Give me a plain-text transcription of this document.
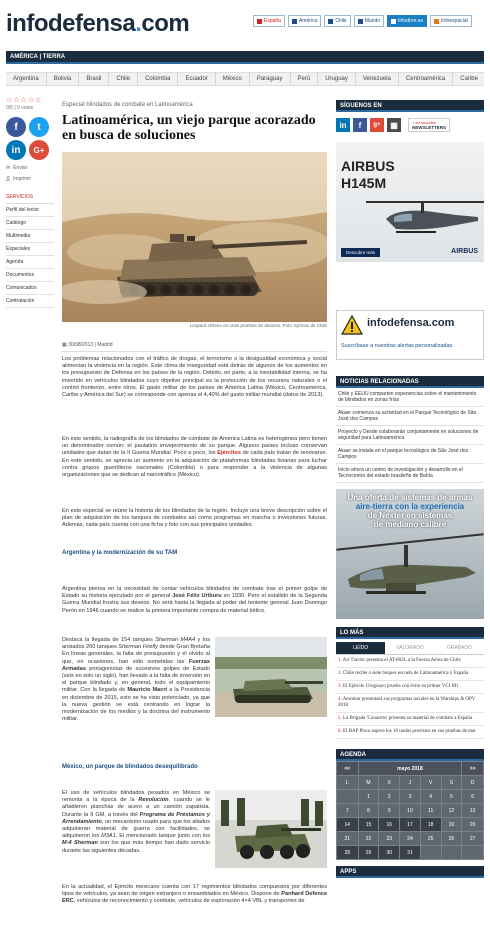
infodefensa.com	España	América	Chile	Mundo	Infodron.es	Infoespacial
AMÉRICA | TIERRA
Argentina	Bolivia	Brasil	Chile	Colombia	Ecuador	México	Paraguay	Perú	Uruguay	Venezuela	Centroamérica	Caribe
☆☆☆☆☆
0/5 | 0 votos
f	t
in	G+
✉ Enviar
⎙ Imprimir
SERVICIOS
Perfil del lector
Catálogo
Multimedia
Especiales
Agenda
Documentos
Comunicados
Contratación
Especial blindados de combate en Latinoamérica
Latinoamérica, un viejo parque acorazado en busca de soluciones
Leopard chileno en unas pruebas de desierto. Foto: Ejército de Chile
▦ 30/08/2013 | Madrid

Los problemas relacionados con el tráfico de drogas, el terrorismo o la desigualdad económica y social alimentan la violencia en la región. Este clima de inseguridad está detrás de algunos de los aumentos en los presupuesto de Defensa en los países de la región. Debido, en parte, a la inestabilidad interna, se ha invertido en vehículos blindados cuyo objetivo principal es la protección de los recursos naturales o el control fronterizo, entre otros. El gasto militar de los países de América Latina (México, Centroamérica, Caribe y América del Sur) se corresponde con apenas el 4,40% del gasto militar mundial (datos de 2013).

En este sentido, la radiografía de los blindados de combate de América Latina es heterogénea pero tienen un denominador común: el paulatino envejecimiento de su parque. Algunos países incluso conservan unidades que datan de la II Guerra Mundial. Poco a poco, los Ejércitos de cada país tratan de renovarse. En este sentido, se aprecia un aumento en la adquisición de plataformas blindadas livianas para luchar contra grupos guerrilleros nacionales (Colombia) o para responder a la violencia de algunas organizaciones que se dedican al narcotráfico (México).

En este especial se reúne la historia de los blindados de la región. Incluye una breve descripción sobre el plan de adquisición de los tanques de combates así como programas en marcha o inversiones futuras. Además, cada país cuenta con una ficha y foto con sus principales unidades.

Argentina y la modernización de su TAM

Argentina piensa en la necesidad de contar vehículos blindados de combate tras el primer golpe de Estado su historia ejecutado por el general José Félix Uriburu en 1930. Pero el estallido de la Segunda Guerra Mundial frustra sus deseos. No será hasta la llegada al poder del teniente general Juan Domingo Perón en 1946 cuando se realice la primera importante compra de material bélico.

Destaca la llegada de 154 tanques Sherman M4A4 y los ansiados 260 tanques Sherman Firefly desde Gran Bretaña En líneas generales, la falta de presupuesto y el olvido al que, en ocasiones, han sido sometidas las Fuerzas Armadas protagonistas de sucesivos golpes de Estado (seis en solo un siglo), han llevado a la falta de inversión en el parque blindado y, en general, todo el equipamiento militar. Con la llegada de Mauricio Macri a la Presidencia en diciembre de 2015, esto se ha visto potenciado, ya que la nueva gestión se está centrando en lograr la modernización de los medios y la doctrina del instrumento militar.

México, un parque de blindados desequilibrado

El uso de vehículos blindados pesados en México se remonta a la época de la Revolución, cuando se le añadieron planchas de acero a un camión zapatista. Durante la II GM, a través del Programa de Préstamos y Arrendamiento, un mecanismo usado para que los aliados adquirieran material de guerra con facilidades, se adquirieron los M3A1. El mencionado tanque junto con los M-4 Sherman son los que más tiempo han dado servicio durante las siguientes décadas.

En la actualidad, el Ejército mexicano cuenta con 17 regimientos blindados compuestos por diferentes tipos de vehículos, ya sean de origen extranjero o ensamblados en México. Dispone de Panhard Defence ERC, vehículos de reconocimiento y combate, vehículos de exploración 4×4 VBL y transportes de

SÍGUENOS EN
in	f	g+	▦	+ en suscribe
NEWSLETTERS
AIRBUS
H145M
Descubre más	AIRBUS
infodefensa.com
Suscríbase a nuestras alertas personalizadas
NOTICIAS RELACIONADAS
Chile y EEUU comparten experiencias sobre el mantenimiento de blindados en zonas frías
Akaer comienza su actividad en el Parque Tecnológico de São José dos Campos
Proyecto y Desde colaborarán conjuntamente en soluciones de seguridad para Latinoamérica
Akaer se instala en el parque tecnológico de São José dos Campos
Inicio ahora un centro de investigación y desarrollo en el Tecnocentro del estado brasileño de Bahía
Una oferta de sistemas de armas
aire-tierra con la experiencia
de Nexter en sistemas
de mediano calibre
LO MÁS
LEÍDO	VALORADO	GRABADO
1. Air Tractor presenta el AT-802L a la Fuerza Aérea de Chile
2. Chile recibe a siete buques escuela de Latinoamérica y España
3. El Ejército Uruguayo prueba con éxito su primer VCI M1
4. Aeromar presentará sus programas navales en la Warships & OPV 2018
5. La Brigada 'Conacero' presenta su material de combate a España
6. El BAP Pisco supera los 16 nudos previstos en sus pruebas de mar
AGENDA
<<	mayo 2018					>>
L	M	X	J	V	S	D
	1	2	3	4	5	6
7	8	9	10	11	12	13
14	15	16	17	18	19	20
21	22	23	24	25	26	27
28	29	30	31			
APPS
